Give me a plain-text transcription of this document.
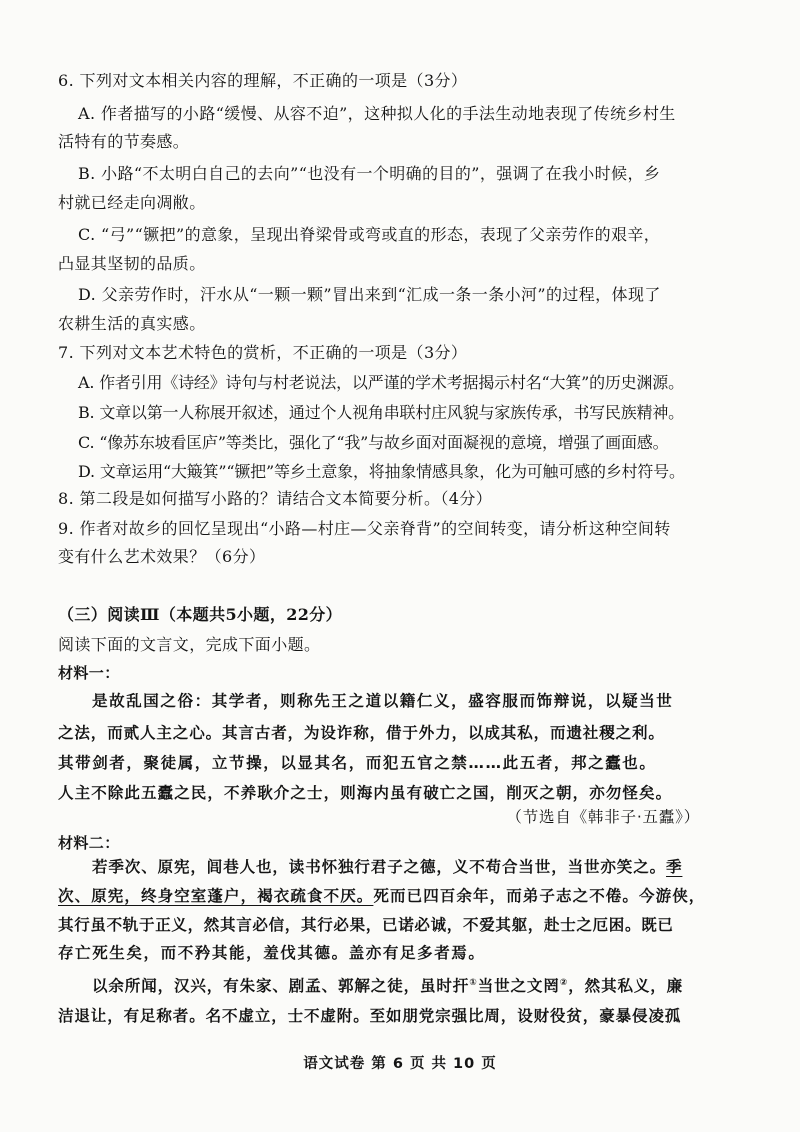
6. 下列对文本相关内容的理解，不正确的一项是（3分）
A. 作者描写的小路“缓慢、从容不迫”，这种拟人化的手法生动地表现了传统乡村生
活特有的节奏感。
B. 小路“不太明白自己的去向”“也没有一个明确的目的”，强调了在我小时候，乡
村就已经走向凋敝。
C. “弓”“镢把”的意象，呈现出脊梁骨或弯或直的形态，表现了父亲劳作的艰辛，
凸显其坚韧的品质。
D. 父亲劳作时，汗水从“一颗一颗”冒出来到“汇成一条一条小河”的过程，体现了
农耕生活的真实感。
7. 下列对文本艺术特色的赏析，不正确的一项是（3分）
A. 作者引用《诗经》诗句与村老说法，以严谨的学术考据揭示村名“大箕”的历史渊源。
B. 文章以第一人称展开叙述，通过个人视角串联村庄风貌与家族传承，书写民族精神。
C. “像苏东坡看匡庐”等类比，强化了“我”与故乡面对面凝视的意境，增强了画面感。
D. 文章运用“大簸箕”“镢把”等乡土意象，将抽象情感具象，化为可触可感的乡村符号。
8. 第二段是如何描写小路的？请结合文本简要分析。（4分）
9. 作者对故乡的回忆呈现出“小路—村庄—父亲脊背”的空间转变，请分析这种空间转
变有什么艺术效果？（6分）
（三）阅读Ⅲ（本题共5小题，22分）
阅读下面的文言文，完成下面小题。
材料一：
是故乱国之俗：其学者，则称先王之道以籍仁义，盛容服而饰辩说，以疑当世
之法，而贰人主之心。其言古者，为设诈称，借于外力，以成其私，而遗社稷之利。
其带剑者，聚徒属，立节操，以显其名，而犯五官之禁……此五者，邦之蠹也。
人主不除此五蠹之民，不养耿介之士，则海内虽有破亡之国，削灭之朝，亦勿怪矣。
（节选自《韩非子·五蠹》）
材料二：
若季次、原宪，闾巷人也，读书怀独行君子之德，义不苟合当世，当世亦笑之。季
次、原宪，终身空室蓬户，褐衣疏食不厌。死而已四百余年，而弟子志之不倦。今游侠，
其行虽不轨于正义，然其言必信，其行必果，已诺必诚，不爱其躯，赴士之厄困。既已
存亡死生矣，而不矜其能，羞伐其德。盖亦有足多者焉。
以余所闻，汉兴，有朱家、剧孟、郭解之徒，虽时扞①当世之文罔②，然其私义，廉
洁退让，有足称者。名不虚立，士不虚附。至如朋党宗强比周，设财役贫，豪暴侵凌孤
语文试卷 第 6 页 共 10 页
